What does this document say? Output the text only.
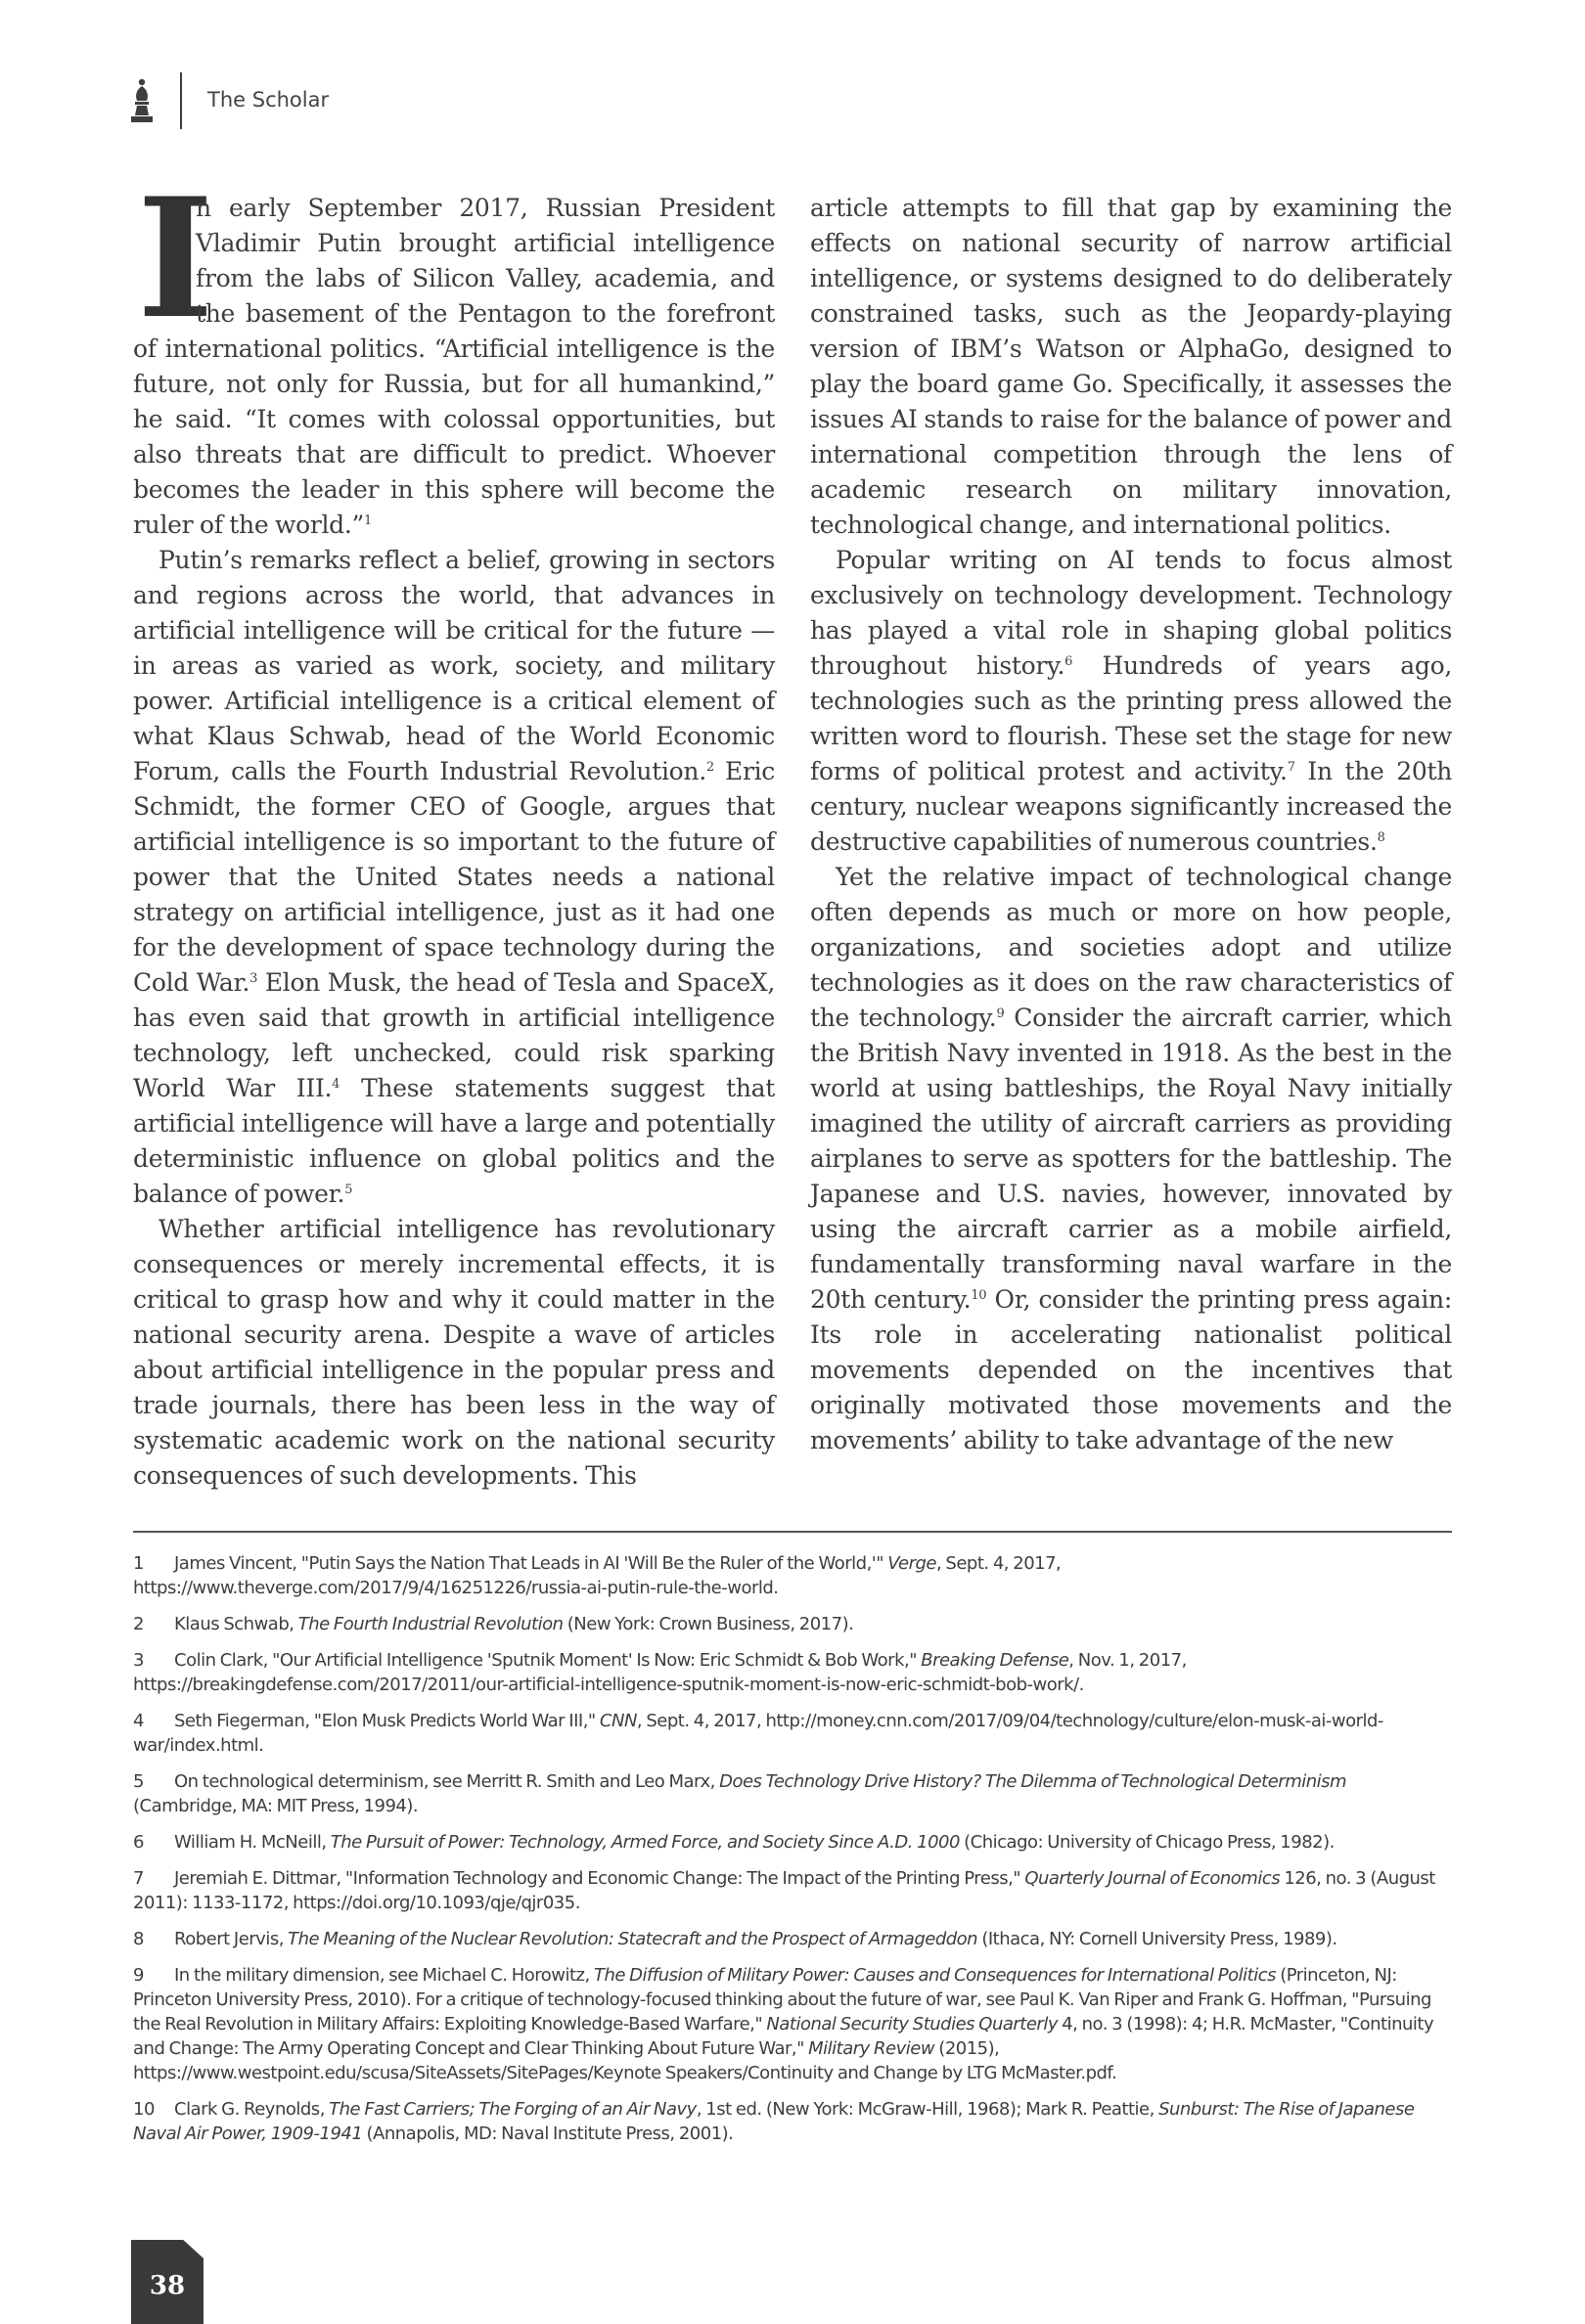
The Scholar

I
n early September 2017, Russian President Vladimir Putin brought artificial intelligence from the labs of Silicon Valley, academia, and the basement of the Pentagon to the forefront of international politics. “Artificial intelligence is the future, not only for Russia, but for all humankind,” he said. “It comes with colossal opportunities, but also threats that are difficult to predict. Whoever becomes the leader in this sphere will become the ruler of the world.”$^1$

Putin’s remarks reflect a belief, growing in sectors and regions across the world, that advances in artificial intelligence will be critical for the future — in areas as varied as work, society, and military power. Artificial intelligence is a critical element of what Klaus Schwab, head of the World Economic Forum, calls the Fourth Industrial Revolution.$^2$ Eric Schmidt, the former CEO of Google, argues that artificial intelligence is so important to the future of power that the United States needs a national strategy on artificial intelligence, just as it had one for the development of space technology during the Cold War.$^3$ Elon Musk, the head of Tesla and SpaceX, has even said that growth in artificial intelligence technology, left unchecked, could risk sparking World War III.$^4$ These statements suggest that artificial intelligence will have a large and potentially deterministic influence on global politics and the balance of power.$^5$

Whether artificial intelligence has revolutionary consequences or merely incremental effects, it is critical to grasp how and why it could matter in the national security arena. Despite a wave of articles about artificial intelligence in the popular press and trade journals, there has been less in the way of systematic academic work on the national security consequences of such developments. This

article attempts to fill that gap by examining the effects on national security of narrow artificial intelligence, or systems designed to do deliberately constrained tasks, such as the Jeopardy-playing version of IBM’s Watson or AlphaGo, designed to play the board game Go. Specifically, it assesses the issues AI stands to raise for the balance of power and international competition through the lens of academic research on military innovation, technological change, and international politics.

Popular writing on AI tends to focus almost exclusively on technology development. Technology has played a vital role in shaping global politics throughout history.$^6$ Hundreds of years ago, technologies such as the printing press allowed the written word to flourish. These set the stage for new forms of political protest and activity.$^7$ In the 20th century, nuclear weapons significantly increased the destructive capabilities of numerous countries.$^8$

Yet the relative impact of technological change often depends as much or more on how people, organizations, and societies adopt and utilize technologies as it does on the raw characteristics of the technology.$^9$ Consider the aircraft carrier, which the British Navy invented in 1918. As the best in the world at using battleships, the Royal Navy initially imagined the utility of aircraft carriers as providing airplanes to serve as spotters for the battleship. The Japanese and U.S. navies, however, innovated by using the aircraft carrier as a mobile airfield, fundamentally transforming naval warfare in the 20th century.$^{10}$ Or, consider the printing press again: Its role in accelerating nationalist political movements depended on the incentives that originally motivated those movements and the movements’ ability to take advantage of the new

1 James Vincent, "Putin Says the Nation That Leads in AI 'Will Be the Ruler of the World,'" Verge, Sept. 4, 2017, https://www.theverge.com/2017/9/4/16251226/russia-ai-putin-rule-the-world.
2 Klaus Schwab, The Fourth Industrial Revolution (New York: Crown Business, 2017).
3 Colin Clark, "Our Artificial Intelligence 'Sputnik Moment' Is Now: Eric Schmidt & Bob Work," Breaking Defense, Nov. 1, 2017, https://breakingdefense.com/2017/2011/our-artificial-intelligence-sputnik-moment-is-now-eric-schmidt-bob-work/.
4 Seth Fiegerman, "Elon Musk Predicts World War III," CNN, Sept. 4, 2017, http://money.cnn.com/2017/09/04/technology/culture/elon-musk-ai-world-war/index.html.
5 On technological determinism, see Merritt R. Smith and Leo Marx, Does Technology Drive History? The Dilemma of Technological Determinism (Cambridge, MA: MIT Press, 1994).
6 William H. McNeill, The Pursuit of Power: Technology, Armed Force, and Society Since A.D. 1000 (Chicago: University of Chicago Press, 1982).
7 Jeremiah E. Dittmar, "Information Technology and Economic Change: The Impact of the Printing Press," Quarterly Journal of Economics 126, no. 3 (August 2011): 1133-1172, https://doi.org/10.1093/qje/qjr035.
8 Robert Jervis, The Meaning of the Nuclear Revolution: Statecraft and the Prospect of Armageddon (Ithaca, NY: Cornell University Press, 1989).
9 In the military dimension, see Michael C. Horowitz, The Diffusion of Military Power: Causes and Consequences for International Politics (Princeton, NJ: Princeton University Press, 2010). For a critique of technology-focused thinking about the future of war, see Paul K. Van Riper and Frank G. Hoffman, "Pursuing the Real Revolution in Military Affairs: Exploiting Knowledge-Based Warfare," National Security Studies Quarterly 4, no. 3 (1998): 4; H.R. McMaster, "Continuity and Change: The Army Operating Concept and Clear Thinking About Future War," Military Review (2015), https://www.westpoint.edu/scusa/SiteAssets/SitePages/Keynote Speakers/Continuity and Change by LTG McMaster.pdf.
10 Clark G. Reynolds, The Fast Carriers; The Forging of an Air Navy, 1st ed. (New York: McGraw-Hill, 1968); Mark R. Peattie, Sunburst: The Rise of Japanese Naval Air Power, 1909-1941 (Annapolis, MD: Naval Institute Press, 2001).
38
